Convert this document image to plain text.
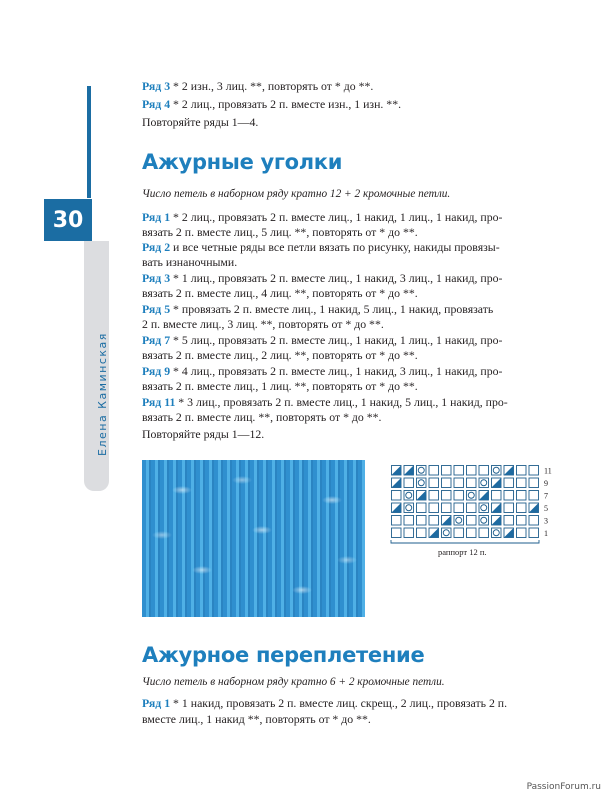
30
Елена Каминская
Ряд 3 * 2 изн., 3 лиц. **, повторять от * до **.
Ряд 4 * 2 лиц., провязать 2 п. вместе изн., 1 изн. **.
Повторяйте ряды 1—4.
Ажурные уголки
Число петель в наборном ряду кратно 12 + 2 кромочные петли.
Ряд 1 * 2 лиц., провязать 2 п. вместе лиц., 1 накид, 1 лиц., 1 накид, про-
вязать 2 п. вместе лиц., 5 лиц. **, повторять от * до **.
Ряд 2 и все четные ряды все петли вязать по рисунку, накиды провязы-
вать изнаночными.
Ряд 3 * 1 лиц., провязать 2 п. вместе лиц., 1 накид, 3 лиц., 1 накид, про-
вязать 2 п. вместе лиц., 4 лиц. **, повторять от * до **.
Ряд 5 * провязать 2 п. вместе лиц., 1 накид, 5 лиц., 1 накид, провязать
2 п. вместе лиц., 3 лиц. **, повторять от * до **.
Ряд 7 * 5 лиц., провязать 2 п. вместе лиц., 1 накид, 1 лиц., 1 накид, про-
вязать 2 п. вместе лиц., 2 лиц. **, повторять от * до **.
Ряд 9 * 4 лиц., провязать 2 п. вместе лиц., 1 накид, 3 лиц., 1 накид, про-
вязать 2 п. вместе лиц., 1 лиц. **, повторять от * до **.
Ряд 11 * 3 лиц., провязать 2 п. вместе лиц., 1 накид, 5 лиц., 1 накид, про-
вязать 2 п. вместе лиц. **, повторять от * до **.
Повторяйте ряды 1—12.
11
9
7
5
3
1
раппорт 12 п.
Ажурное переплетение
Число петель в наборном ряду кратно 6 + 2 кромочные петли.
Ряд 1 * 1 накид, провязать 2 п. вместе лиц. скрещ., 2 лиц., провязать 2 п.
вместе лиц., 1 накид **, повторять от * до **.
PassionForum.ru
